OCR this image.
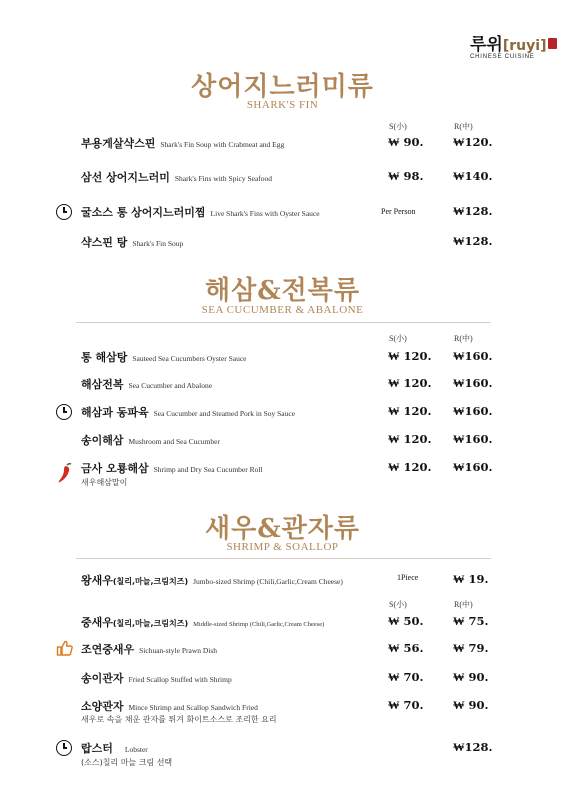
루위[ruyi]
CHINESE CUISINE
상어지느러미류
SHARK'S FIN
S(小)	R(中)
부용게살샥스핀 Shark's Fin Soup with Crabmeat and Egg	₩ 90.	₩120.
삼선 상어지느러미 Shark's Fins with Spicy Seafood	₩ 98.	₩140.
굴소스 통 상어지느러미찜 Live Shark's Fins with Oyster Sauce	Per Person	₩128.
샥스핀 탕 Shark's Fin Soup	₩128.
해삼&전복류
SEA CUCUMBER & ABALONE
S(小)	R(中)
통 해삼탕 Sauteed Sea Cucumbers Oyster Sauce	₩ 120. ₩160.
해삼전복 Sea Cucumber and Abalone	₩ 120. ₩160.
해삼과 동파육 Sea Cucumber and Steamed Pork in Soy Sauce	₩ 120. ₩160.
송이해삼 Mushroom and Sea Cucumber	₩ 120. ₩160.
금사 오룡해삼 Shrimp and Dry Sea Cucumber Roll
새우해삼말이
₩ 120. ₩160.
새우&관자류
SHRIMP & SOALLOP
왕새우(칠리,마늘,크림치즈) Jumbo-sized Shrimp (Chili,Garlic,Cream Cheese)	1Piece	₩ 19.
S(小)	R(中)
중새우(칠리,마늘,크림치즈) Middle-sized Shrimp (Chili,Garlic,Cream Cheese)	₩ 50.	₩ 75.
조연중새우 Sichuan-style Prawn Dish	₩ 56.	₩ 79.
송이관자 Fried Scallop Stuffed with Shrimp	₩ 70.	₩ 90.
소양관자 Mince Shrimp and Scallop Sandwich Fried
새우로 속을 채운 관자를 튀겨 화이트소스로 조리한 요리
₩ 70.	₩ 90.
랍스터 Lobster
(소스)칠리 마늘 크림 선택
₩128.
